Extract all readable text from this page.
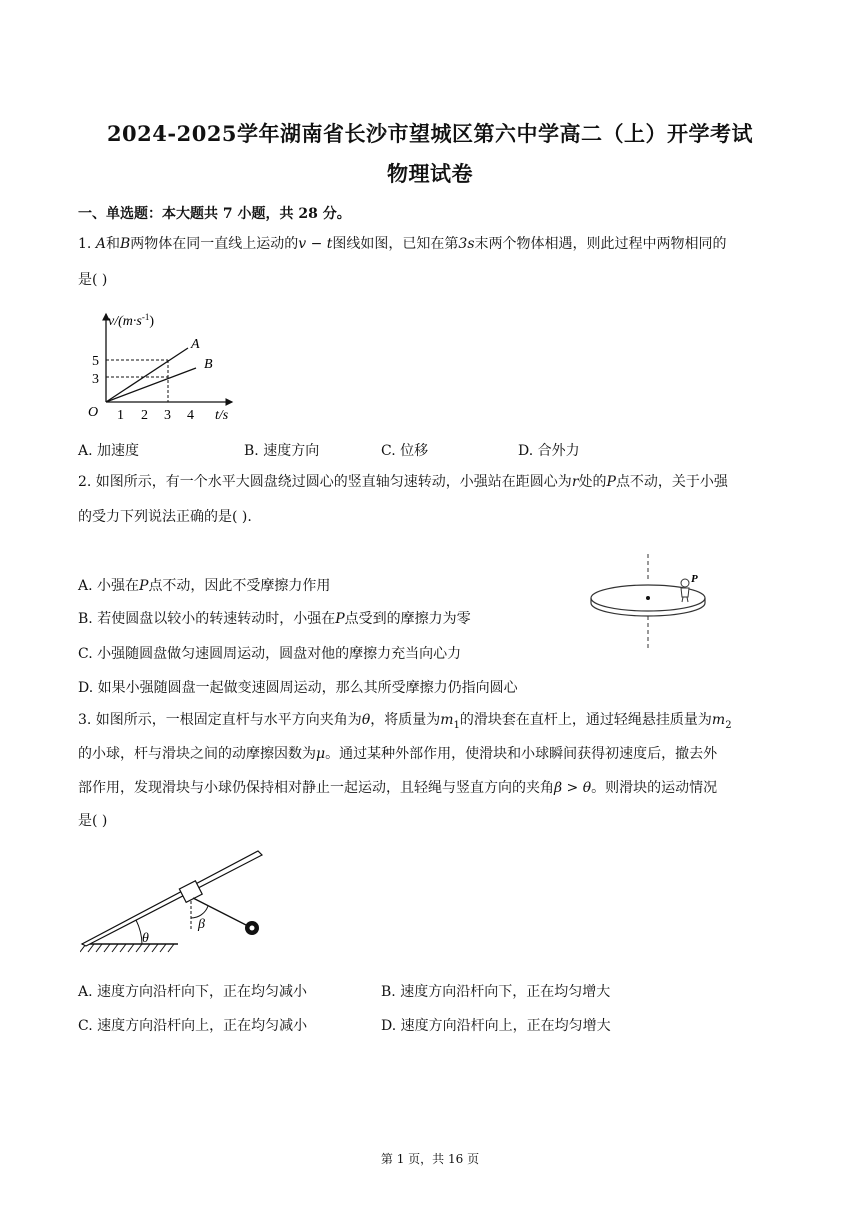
2024-2025学年湖南省长沙市望城区第六中学高二（上）开学考试
物理试卷
一、单选题：本大题共 7 小题，共 28 分。
1. A和B两物体在同一直线上运动的v − t图线如图，已知在第3s末两个物体相遇，则此过程中两物相同的
是( )
$v/(m\cdot s^{-1})$
O 1 2 3 4 t/s
5
3
A
B
A. 加速度	B. 速度方向	C. 位移	D. 合外力
2. 如图所示，有一个水平大圆盘绕过圆心的竖直轴匀速转动，小强站在距圆心为r处的P点不动，关于小强
的受力下列说法正确的是( ).
P
A. 小强在P点不动，因此不受摩擦力作用
B. 若使圆盘以较小的转速转动时，小强在P点受到的摩擦力为零
C. 小强随圆盘做匀速圆周运动，圆盘对他的摩擦力充当向心力
D. 如果小强随圆盘一起做变速圆周运动，那么其所受摩擦力仍指向圆心
3. 如图所示，一根固定直杆与水平方向夹角为θ，将质量为$m_1$的滑块套在直杆上，通过轻绳悬挂质量为$m_2$
的小球，杆与滑块之间的动摩擦因数为μ。通过某种外部作用，使滑块和小球瞬间获得初速度后，撤去外
部作用，发现滑块与小球仍保持相对静止一起运动，且轻绳与竖直方向的夹角β > θ。则滑块的运动情况
是( )
θ
β
A. 速度方向沿杆向下，正在均匀减小	B. 速度方向沿杆向下，正在均匀增大
C. 速度方向沿杆向上，正在均匀减小	D. 速度方向沿杆向上，正在均匀增大
第 1 页，共 16 页
